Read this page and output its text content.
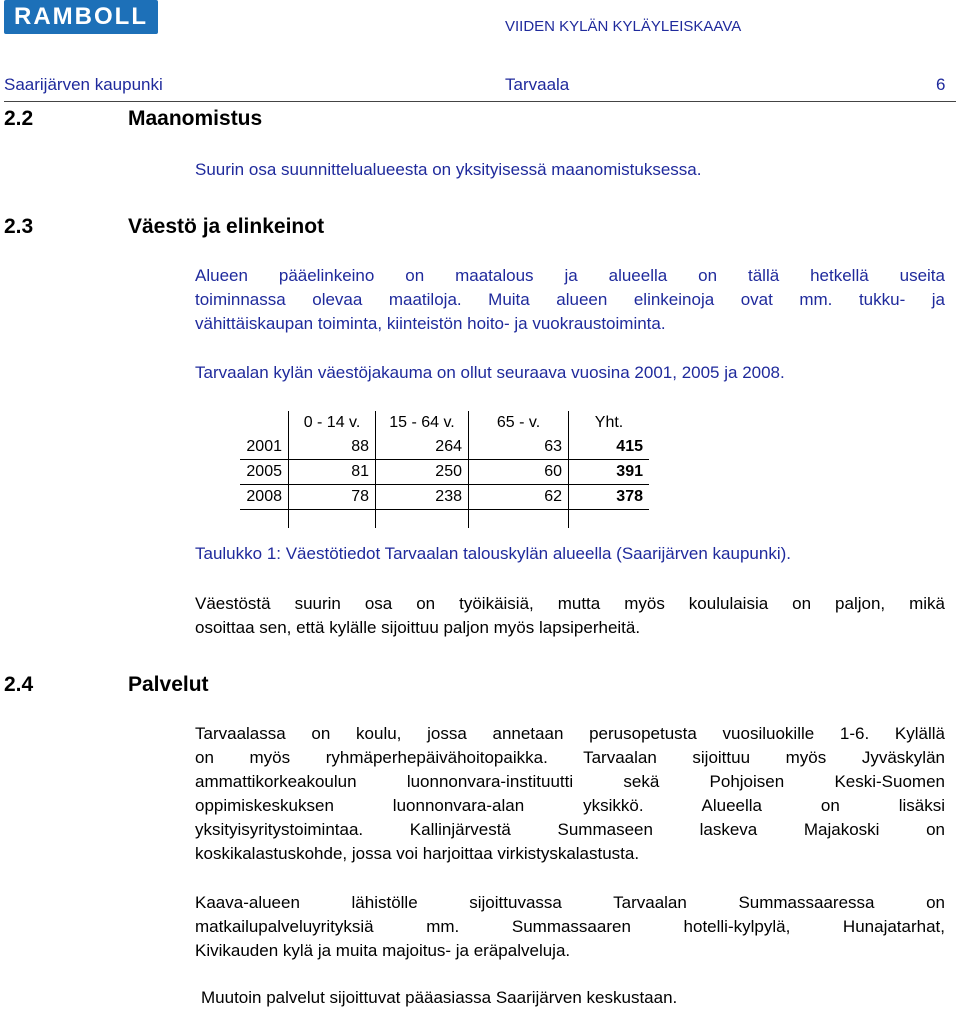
RAMBOLL	VIIDEN KYLÄN KYLÄYLEISKAAVA
Saarijärven kaupunki	Tarvaala	6
2.2	Maanomistus
Suurin osa suunnittelualueesta on yksityisessä maanomistuksessa.
2.3	Väestö ja elinkeinot
Alueen pääelinkeino on maatalous ja alueella on tällä hetkellä useita
toiminnassa olevaa maatiloja. Muita alueen elinkeinoja ovat mm. tukku- ja
vähittäiskaupan toiminta, kiinteistön hoito- ja vuokraustoiminta.
Tarvaalan kylän väestöjakauma on ollut seuraava vuosina 2001, 2005 ja 2008.
	0 - 14 v.	15 - 64 v.	65 - v.	Yht.
2001	88	264	63	415
2005	81	250	60	391
2008	78	238	62	378

Taulukko 1: Väestötiedot Tarvaalan talouskylän alueella (Saarijärven kaupunki).
Väestöstä suurin osa on työikäisiä, mutta myös koululaisia on paljon, mikä
osoittaa sen, että kylälle sijoittuu paljon myös lapsiperheitä.
2.4	Palvelut
Tarvaalassa on koulu, jossa annetaan perusopetusta vuosiluokille 1-6. Kylällä
on myös ryhmäperhepäivähoitopaikka. Tarvaalan sijoittuu myös Jyväskylän
ammattikorkeakoulun luonnonvara-instituutti sekä Pohjoisen Keski-Suomen
oppimiskeskuksen luonnonvara-alan yksikkö. Alueella on lisäksi
yksityisyritystoimintaa. Kallinjärvestä Summaseen laskeva Majakoski on
koskikalastuskohde, jossa voi harjoittaa virkistyskalastusta.
Kaava-alueen lähistölle sijoittuvassa Tarvaalan Summassaaressa on
matkailupalveluyrityksiä mm. Summassaaren hotelli-kylpylä, Hunajatarhat,
Kivikauden kylä ja muita majoitus- ja eräpalveluja.
Muutoin palvelut sijoittuvat pääasiassa Saarijärven keskustaan.
